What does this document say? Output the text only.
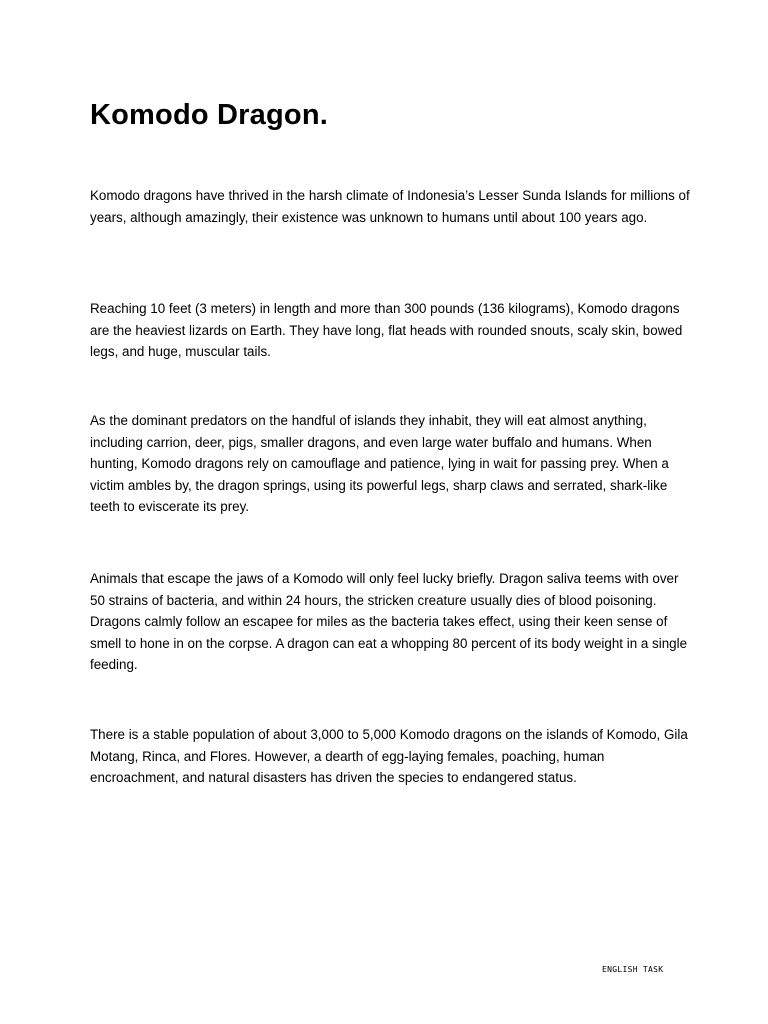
Komodo Dragon.

Komodo dragons have thrived in the harsh climate of Indonesia’s Lesser Sunda Islands for millions of years, although amazingly, their existence was unknown to humans until about 100 years ago.

Reaching 10 feet (3 meters) in length and more than 300 pounds (136 kilograms), Komodo dragons are the heaviest lizards on Earth. They have long, flat heads with rounded snouts, scaly skin, bowed legs, and huge, muscular tails.

As the dominant predators on the handful of islands they inhabit, they will eat almost anything, including carrion, deer, pigs, smaller dragons, and even large water buffalo and humans. When hunting, Komodo dragons rely on camouflage and patience, lying in wait for passing prey. When a victim ambles by, the dragon springs, using its powerful legs, sharp claws and serrated, shark-like teeth to eviscerate its prey.

Animals that escape the jaws of a Komodo will only feel lucky briefly. Dragon saliva teems with over 50 strains of bacteria, and within 24 hours, the stricken creature usually dies of blood poisoning. Dragons calmly follow an escapee for miles as the bacteria takes effect, using their keen sense of smell to hone in on the corpse. A dragon can eat a whopping 80 percent of its body weight in a single feeding.

There is a stable population of about 3,000 to 5,000 Komodo dragons on the islands of Komodo, Gila Motang, Rinca, and Flores. However, a dearth of egg-laying females, poaching, human encroachment, and natural disasters has driven the species to endangered status.

ENGLISH TASK
